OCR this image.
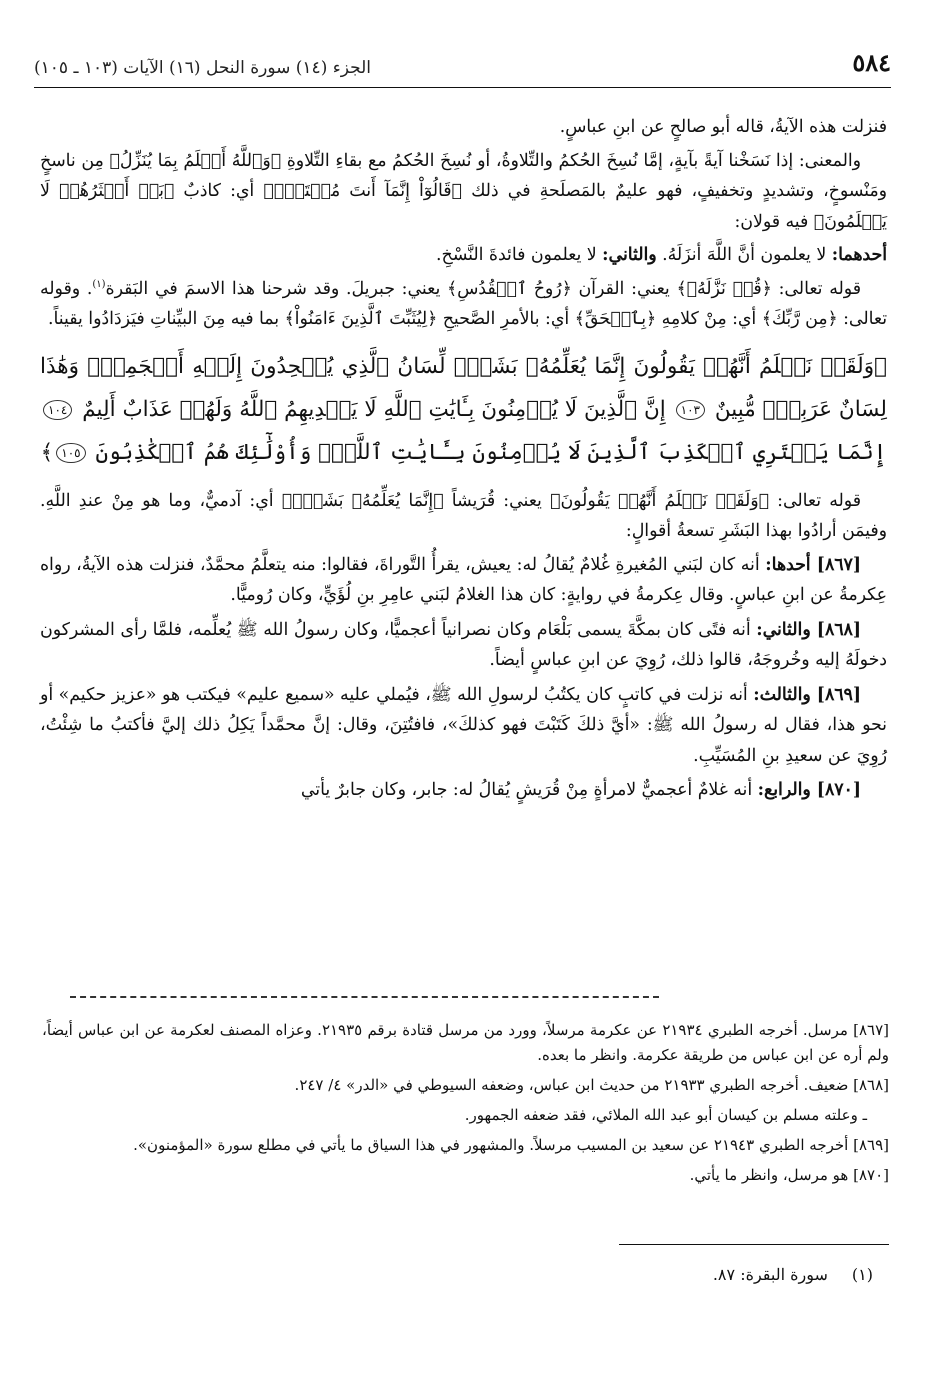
٥٨٤
الجزء (١٤) سورة النحل (١٦) الآيات (١٠٣ ـ ١٠٥)

فنزلت هذه الآيةُ، قاله أبو صالحٍ عن ابنِ عباسٍ.

والمعنى: إذا نَسَخْنا آيةً بآيةٍ، إمَّا نُسِخَ الحُكمُ والتِّلاوةُ، أو نُسِخَ الحُكمُ مع بقاءِ التِّلاوةِ ﴿وَٱللَّهُ أَعۡلَمُ بِمَا يُنَزِّلُ﴾ مِن ناسخٍ ومَنْسوخٍ، وتشديدٍ وتخفيفٍ، فهو عليمٌ بالمَصلَحةِ في ذلك ﴿قَالُوٓاْ إِنَّمَآ أَنتَ مُفۡتَرِۭ﴾ أي: كاذبٌ ﴿بَلۡ أَكۡثَرُهُمۡ لَا يَعۡلَمُونَ﴾ فيه قولان:

أحدهما: لا يعلمون أنَّ اللَّهَ أنزَلَهُ. والثاني: لا يعلمون فائدةَ النَّسْخِ.

قوله تعالى: ﴿قُلۡ نَزَّلَهُۥ﴾ يعني: القرآن ﴿رُوحُ ٱلۡقُدُسِ﴾ يعني: جبريلَ. وقد شرحنا هذا الاسمَ في البَقرة$^{(١)}$. وقوله تعالى: ﴿مِن رَّبِّكَ﴾ أي: مِنْ كلامِهِ ﴿بِٱلۡحَقِّ﴾ أي: بالأمرِ الصَّحيحِ ﴿لِيُثَبِّتَ ٱلَّذِينَ ءَامَنُواْ﴾ بما فيه مِنَ البيِّناتِ فيَزدَادُوا يقيناً.

﴿وَلَقَدۡ نَعۡلَمُ أَنَّهُمۡ يَقُولُونَ إِنَّمَا يُعَلِّمُهُۥ بَشَرٞۗ لِّسَانُ ٱلَّذِي يُلۡحِدُونَ إِلَيۡهِ أَعۡجَمِيّٞ وَهَٰذَا لِسَانٌ عَرَبِيّٞ مُّبِينٌ ١٠٣ إِنَّ ٱلَّذِينَ لَا يُؤۡمِنُونَ بِـَٔايَٰتِ ٱللَّهِ لَا يَهۡدِيهِمُ ٱللَّهُ وَلَهُمۡ عَذَابٌ أَلِيمٌ ١٠٤ إِنَّمَا يَفۡتَرِي ٱلۡكَذِبَ ٱلَّذِينَ لَا يُؤۡمِنُونَ بِـَٔايَٰتِ ٱللَّهِۖ وَأُوْلَٰٓئِكَ هُمُ ٱلۡكَٰذِبُونَ ١٠٥﴾

قوله تعالى: ﴿وَلَقَدۡ نَعۡلَمُ أَنَّهُمۡ يَقُولُونَ﴾ يعني: قُرَيشاً ﴿إِنَّمَا يُعَلِّمُهُۥ بَشَرٞۗ﴾ أي: آدميٌّ، وما هو مِنْ عندِ اللَّهِ. وفيمَن أرادُوا بهذا البَشَرِ تسعةُ أقوالٍ:

[٨٦٧] أحدها: أنه كان لبَني المُغيرةِ غُلامٌ يُقالُ له: يعيش، يقرأُ التَّوراةَ، فقالوا: منه يتعلَّمُ محمَّدٌ، فنزلت هذه الآيةُ، رواه عِكرمةُ عن ابنِ عباسٍ. وقال عِكرمةُ في روايةٍ: كان هذا الغلامُ لبَني عامِرِ بنِ لُؤَيٍّ، وكان رُوميًّا.

[٨٦٨] والثاني: أنه فتًى كان بمكَّةَ يسمى بَلْعَام وكان نصرانياً أعجميًّا، وكان رسولُ الله ﷺ يُعلِّمه، فلمَّا رأى المشركون دخولَهُ إليه وخُروجَهُ، قالوا ذلك، رُوِيَ عن ابنِ عباسٍ أيضاً.

[٨٦٩] والثالث: أنه نزلت في كاتبٍ كان يكتُبُ لرسولِ الله ﷺ، فيُملي عليه «سميع عليم» فيكتب هو «عزيز حكيم» أو نحو هذا، فقال له رسولُ الله ﷺ: «أيَّ ذلكَ كَتَبْتَ فهو كذلكَ»، فافتُتِنَ، وقال: إنَّ محمَّداً يَكِلُ ذلك إليَّ فأكتبُ ما شِئْتُ، رُوِيَ عن سعيدِ بنِ المُسَيِّبِ.

[٨٧٠] والرابع: أنه غلامٌ أعجميٌّ لامرأةٍ مِنْ قُرَيشٍ يُقالُ له: جابر، وكان جابرٌ يأتي

[٨٦٧] مرسل. أخرجه الطبري ٢١٩٣٤ عن عكرمة مرسلاً، وورد من مرسل قتادة برقم ٢١٩٣٥. وعزاه المصنف لعكرمة عن ابن عباس أيضاً، ولم أره عن ابن عباس من طريقة عكرمة. وانظر ما بعده.

[٨٦٨] ضعيف. أخرجه الطبري ٢١٩٣٣ من حديث ابن عباس، وضعفه السيوطي في «الدر» ٤/ ٢٤٧.

ـ وعلته مسلم بن كيسان أبو عبد الله الملائي، فقد ضعفه الجمهور.

[٨٦٩] أخرجه الطبري ٢١٩٤٣ عن سعيد بن المسيب مرسلاً. والمشهور في هذا السياق ما يأتي في مطلع سورة «المؤمنون».

[٨٧٠] هو مرسل، وانظر ما يأتي.

(١)سورة البقرة: ٨٧.
